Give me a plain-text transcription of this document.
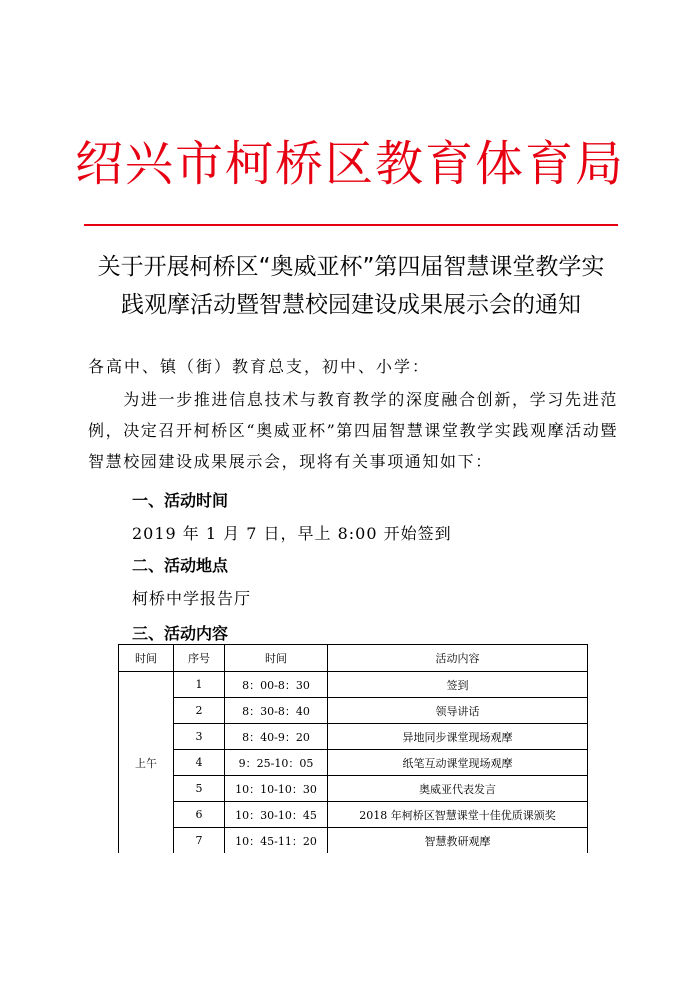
绍兴市柯桥区教育体育局
关于开展柯桥区“奥威亚杯”第四届智慧课堂教学实
践观摩活动暨智慧校园建设成果展示会的通知
各高中、镇（街）教育总支，初中、小学：
为进一步推进信息技术与教育教学的深度融合创新，学习先进范例，决定召开柯桥区“奥威亚杯”第四届智慧课堂教学实践观摩活动暨智慧校园建设成果展示会，现将有关事项通知如下：
一、活动时间
2019 年 1 月 7 日，早上 8:00 开始签到
二、活动地点
柯桥中学报告厅
三、活动内容
时间	序号	时间	活动内容
上午	1	8：00-8：30	签到
	2	8：30-8：40	领导讲话
	3	8：40-9：20	异地同步课堂现场观摩
	4	9：25-10：05	纸笔互动课堂现场观摩
	5	10：10-10：30	奥威亚代表发言
	6	10：30-10：45	2018 年柯桥区智慧课堂十佳优质课颁奖
	7	10：45-11：20	智慧教研观摩
